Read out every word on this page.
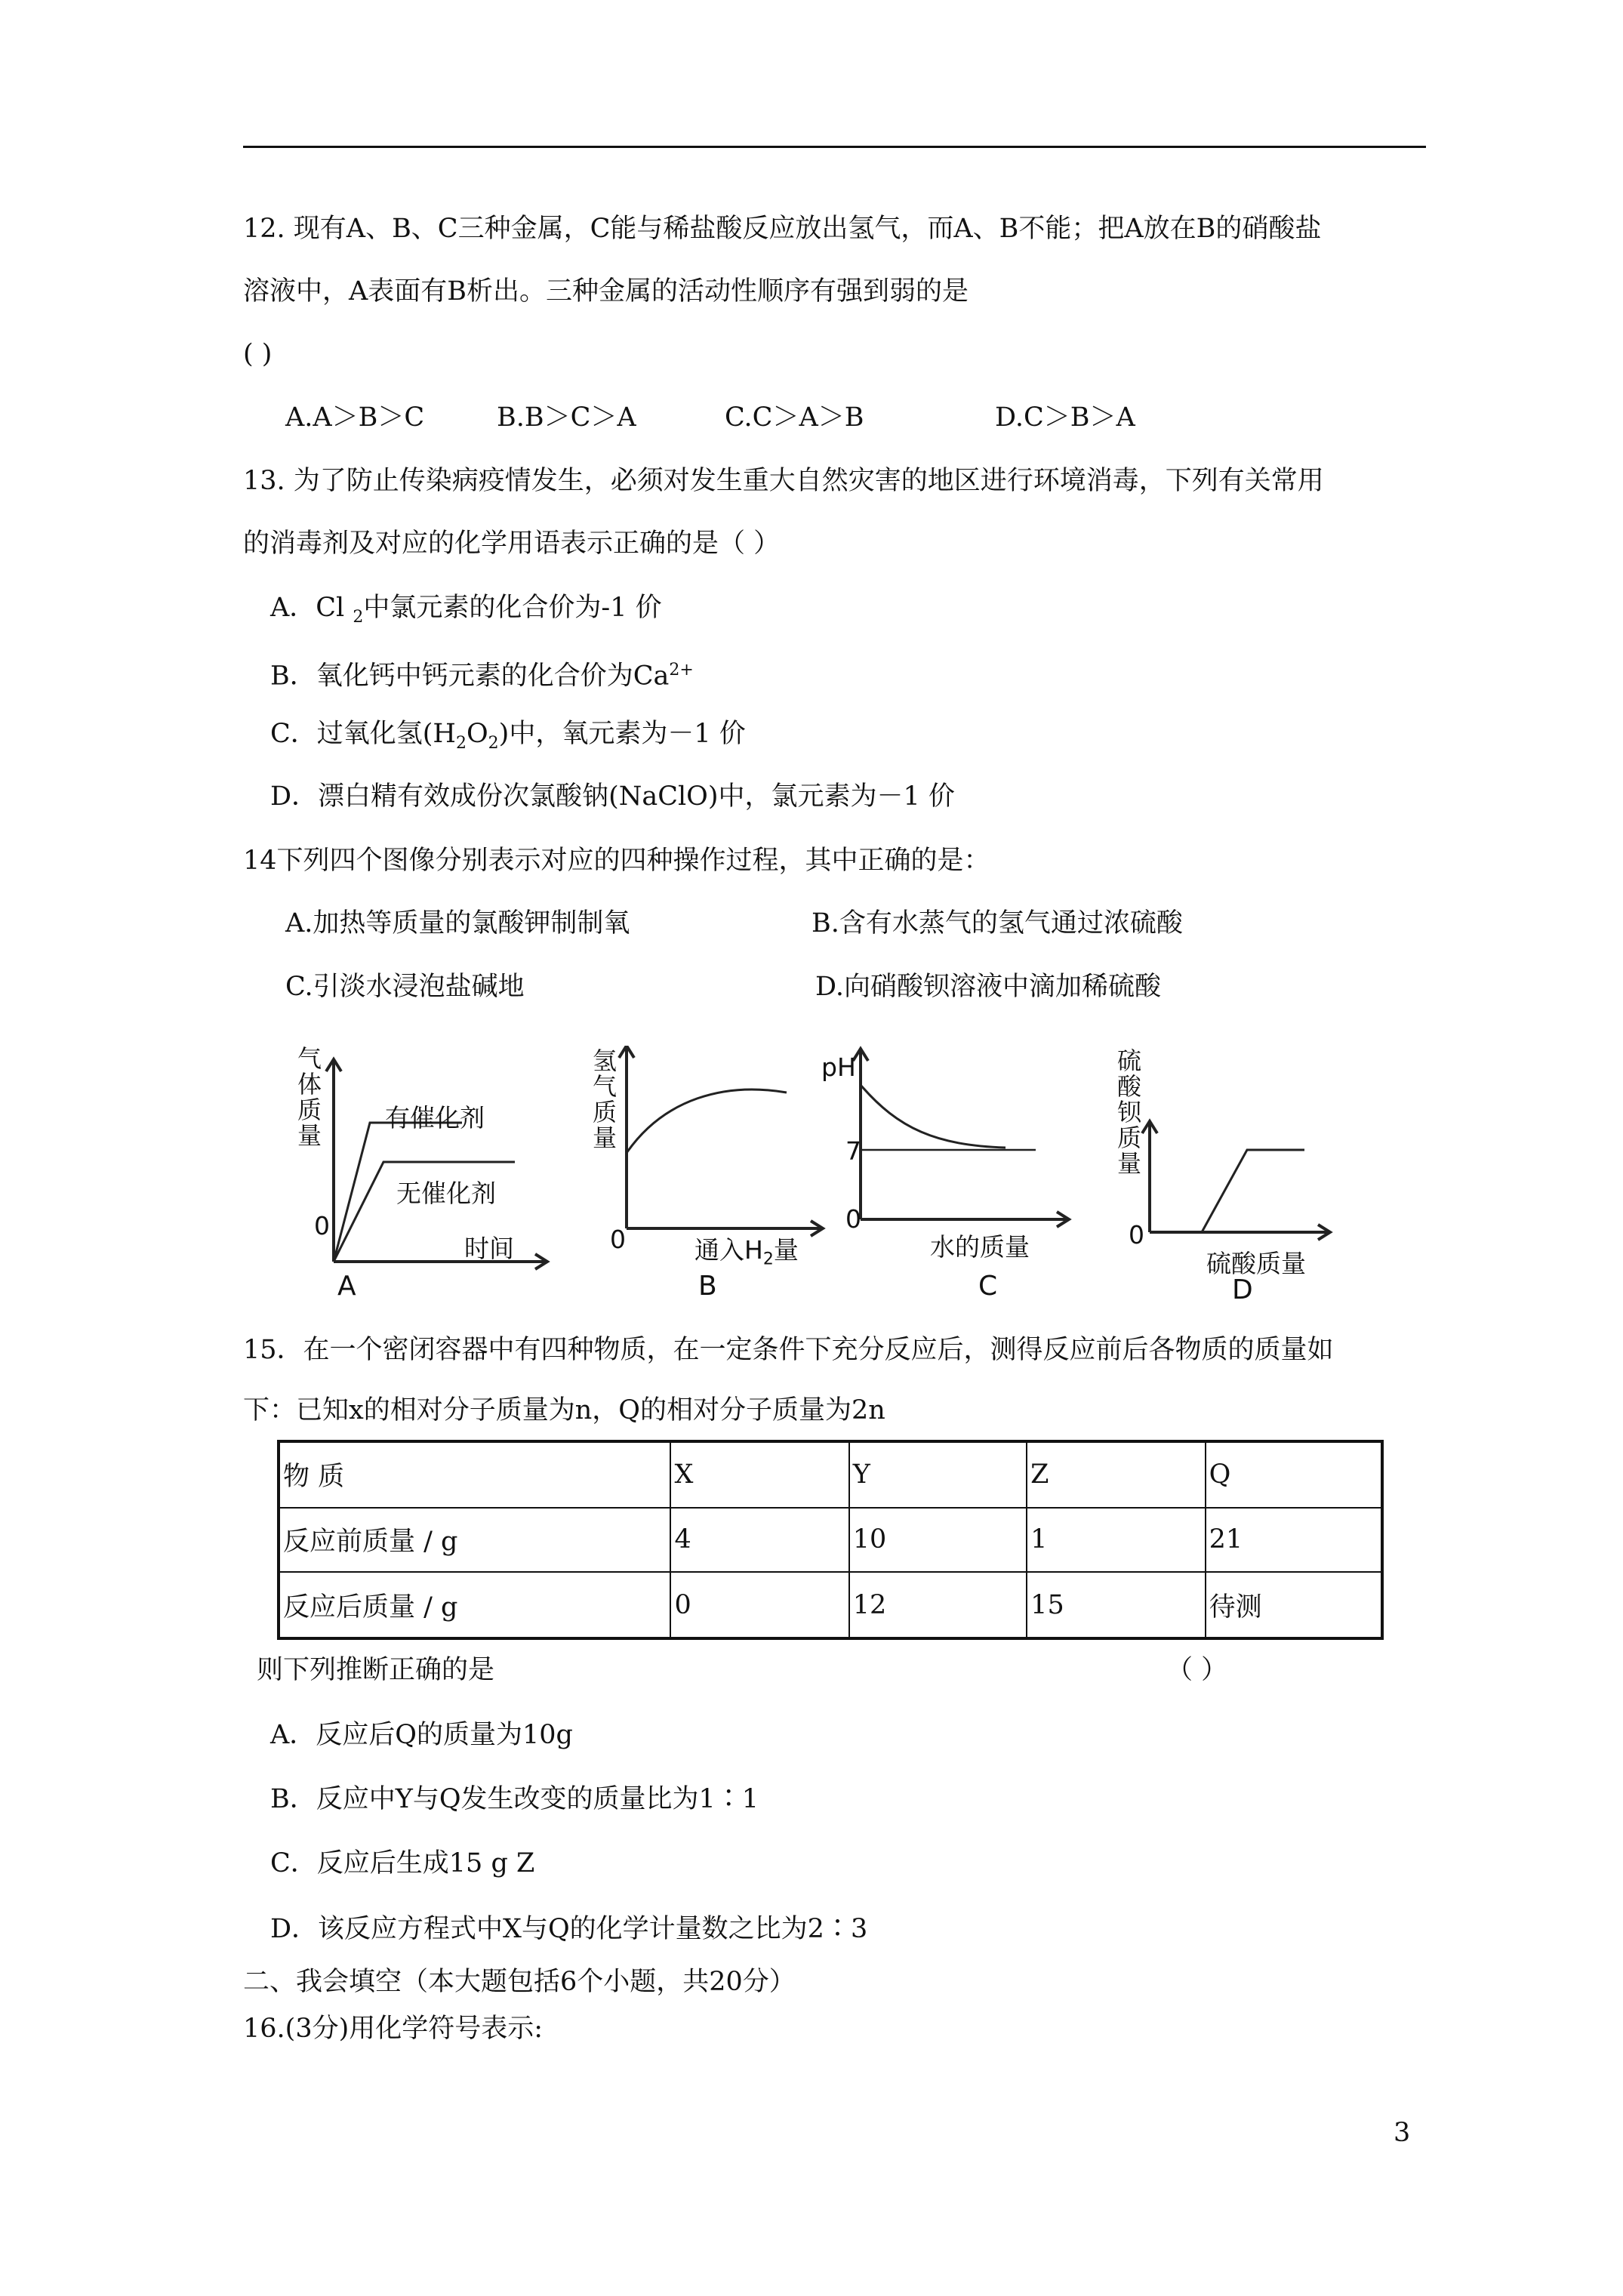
12. 现有A、B、C三种金属，C能与稀盐酸反应放出氢气，而A、B不能；把A放在B的硝酸盐
溶液中，A表面有B析出。三种金属的活动性顺序有强到弱的是
( )
A.A＞B＞C	B.B＞C＞A	C.C＞A＞B	D.C＞B＞A
13. 为了防止传染病疫情发生，必须对发生重大自然灾害的地区进行环境消毒，下列有关常用
的消毒剂及对应的化学用语表示正确的是（ ）
A．Cl $_2$中氯元素的化合价为-1 价
B．氧化钙中钙元素的化合价为$Ca^{2+}$
C．过氧化氢$(H_2O_2)$中，氧元素为－1 价
D．漂白精有效成份次氯酸钠(NaClO)中，氯元素为－1 价
14下列四个图像分别表示对应的四种操作过程，其中正确的是：
A.加热等质量的氯酸钾制制氧	B.含有水蒸气的氢气通过浓硫酸
C.引淡水浸泡盐碱地	D.向硝酸钡溶液中滴加稀硫酸
气体质量
有催化剂
无催化剂
0
时间
A
氢气质量
0	通入$H_2$量
B
pH
7
0
水的质量
C
硫酸钡质量
0
硫酸质量
D
15．在一个密闭容器中有四种物质，在一定条件下充分反应后，测得反应前后各物质的质量如
下：已知x的相对分子质量为n，Q的相对分子质量为2n
物 质	X	Y	Z	Q
反应前质量 / g	4	10	1	21
反应后质量 / g	0	12	15	待测
则下列推断正确的是	（ ）
A．反应后Q的质量为10g
B．反应中Y与Q发生改变的质量比为1∶1
C．反应后生成15 g Z
D．该反应方程式中X与Q的化学计量数之比为2∶3
二、我会填空（本大题包括6个小题，共20分）
16.(3分)用化学符号表示:
3
